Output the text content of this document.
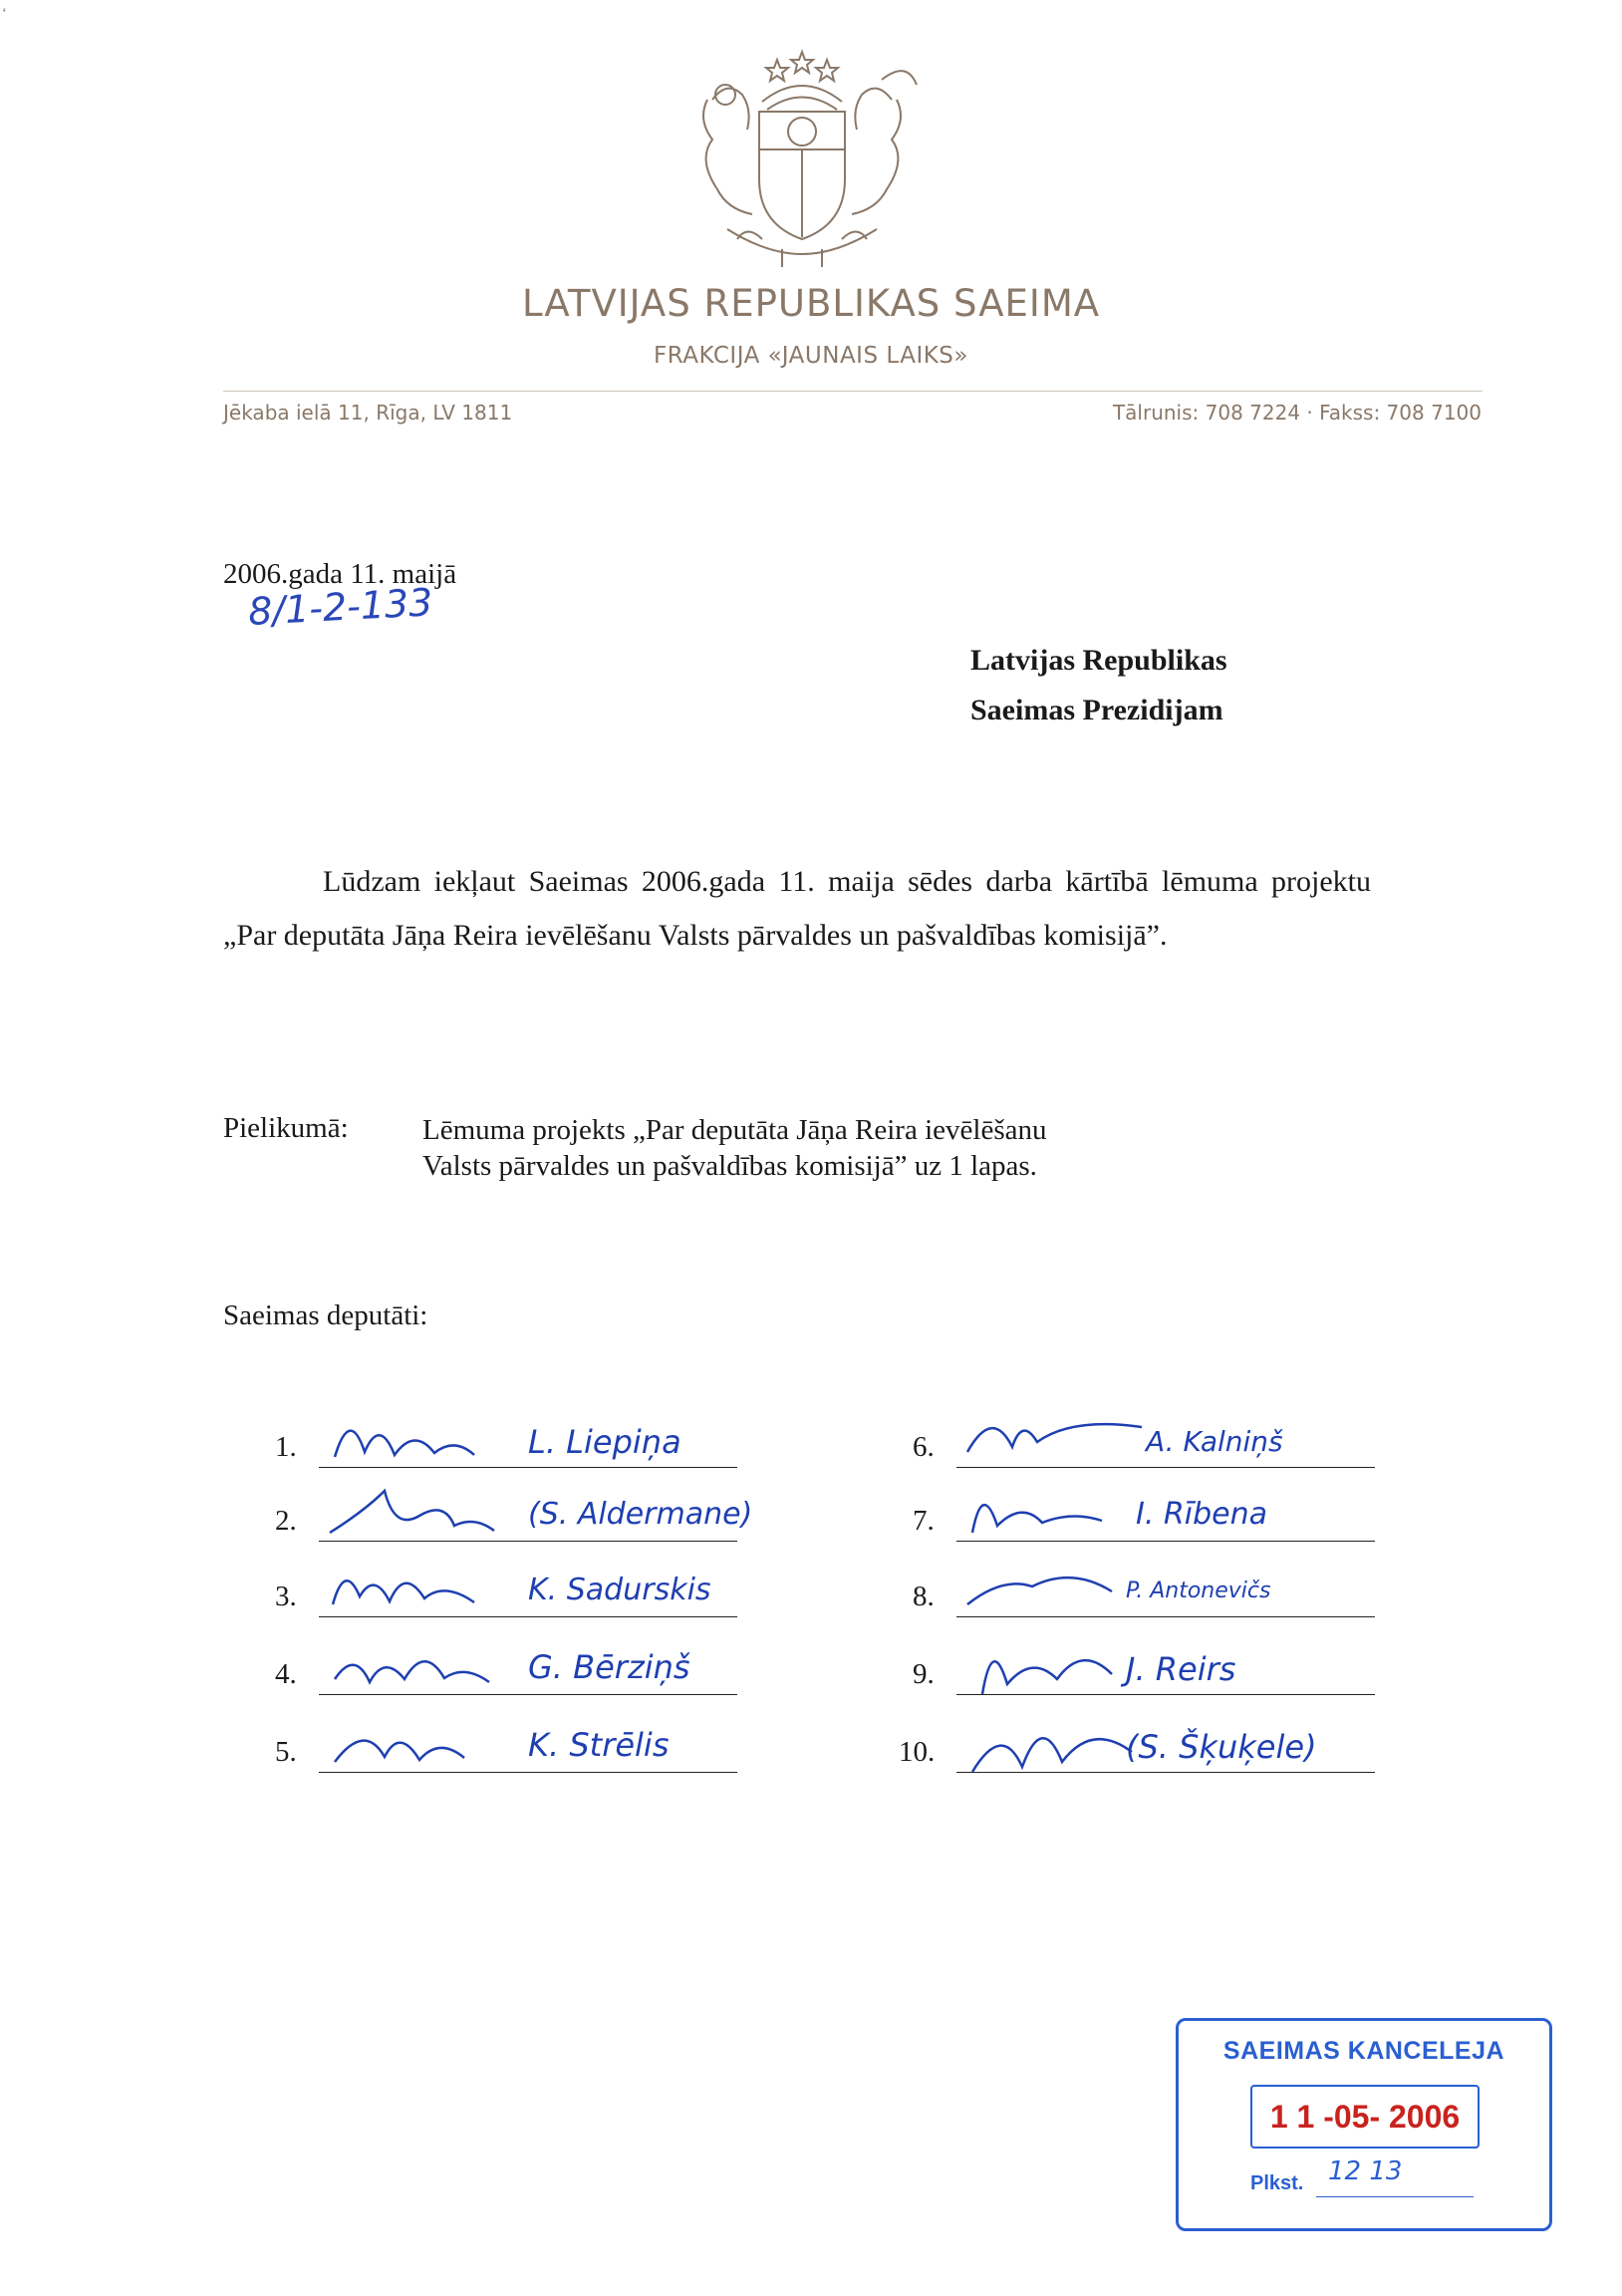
‘
LATVIJAS REPUBLIKAS SAEIMA
FRAKCIJA «JAUNAIS LAIKS»
Jēkaba ielā 11, Rīga, LV 1811	Tālrunis: 708 7224 · Fakss: 708 7100
2006.gada 11. maijā
8/1-2-133
Latvijas Republikas
Saeimas Prezidijam
Lūdzam iekļaut Saeimas 2006.gada 11. maija sēdes darba kārtībā lēmuma projektu „Par deputāta Jāņa Reira ievēlēšanu Valsts pārvaldes un pašvaldības komisijā”.
Pielikumā:	Lēmuma projekts „Par deputāta Jāņa Reira ievēlēšanu Valsts pārvaldes un pašvaldības komisijā” uz 1 lapas.
Saeimas deputāti:
1.	L. Liepiņa
2.	(S. Aldermane)
3.	K. Sadurskis
4.	G. Bērziņš
5.	K. Strēlis
6.	A. Kalniņš
7.	I. Rībena
8.	P. Antonevičs
9.	J. Reirs
10.	(S. Šķuķele)
SAEIMAS KANCELEJA
1 1 -05- 2006
Plkst. 12 13
